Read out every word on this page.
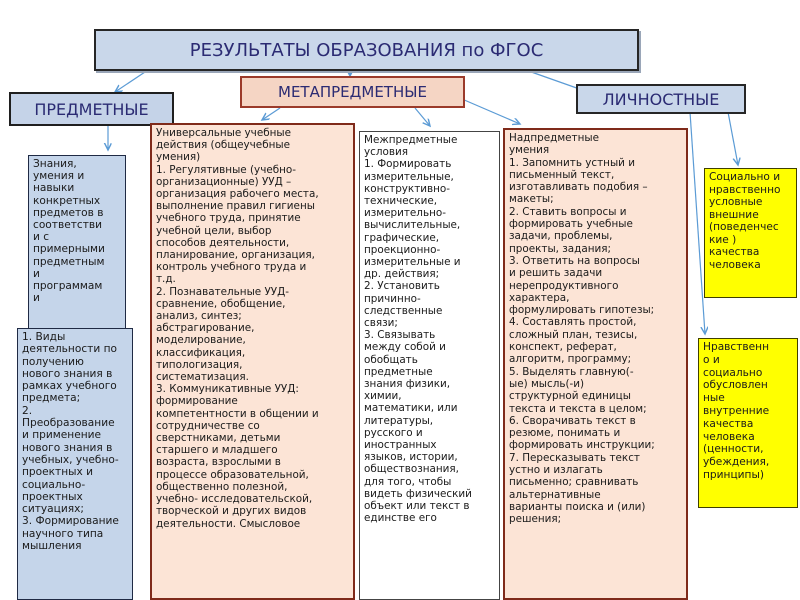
РЕЗУЛЬТАТЫ ОБРАЗОВАНИЯ по ФГОС
ПРЕДМЕТНЫЕ
МЕТАПРЕДМЕТНЫЕ	ЛИЧНОСТНЫЕ
Знания,
умения и
навыки
конкретных
предметов в
соответстви
и с
примерными
предметным
и
программам
и
1. Виды
деятельности по
получению
нового знания в
рамках учебного
предмета;
2.
Преобразование
и применение
нового знания в
учебных, учебно-
проектных и
социально-
проектных
ситуациях;
3. Формирование
научного типа
мышления
Универсальные учебные
действия (общеучебные
умения)
1. Регулятивные (учебно-
организационные) УУД –
организация рабочего места,
выполнение правил гигиены
учебного труда, принятие
учебной цели, выбор
способов деятельности,
планирование, организация,
контроль учебного труда и
т.д.
2. Познавательные УУД-
сравнение, обобщение,
анализ, синтез;
абстрагирование,
моделирование,
классификация,
типологизация,
систематизация.
3. Коммуникативные УУД:
формирование
компетентности в общении и
сотрудничестве со
сверстниками, детьми
старшего и младшего
возраста, взрослыми в
процессе образовательной,
общественно полезной,
учебно- исследовательской,
творческой и других видов
деятельности. Смысловое
Межпредметные
условия
1. Формировать
измерительные,
конструктивно-
технические,
измерительно-
вычислительные,
графические,
проекционно-
измерительные и
др. действия;
2. Установить
причинно-
следственные
связи;
3. Связывать
между собой и
обобщать
предметные
знания физики,
химии,
математики, или
литературы,
русского и
иностранных
языков, истории,
обществознания,
для того, чтобы
видеть физический
объект или текст в
единстве его
Надпредметные
умения
1. Запомнить устный и
письменный текст,
изготавливать подобия –
макеты;
2. Ставить вопросы и
формировать учебные
задачи, проблемы,
проекты, задания;
3. Ответить на вопросы
и решить задачи
нерепродуктивного
характера,
формулировать гипотезы;
4. Составлять простой,
сложный план, тезисы,
конспект, реферат,
алгоритм, программу;
5. Выделять главную(-
ые) мысль(-и)
структурной единицы
текста и текста в целом;
6. Сворачивать текст в
резюме, понимать и
формировать инструкции;
7. Пересказывать текст
устно и излагать
письменно; сравнивать
альтернативные
варианты поиска и (или)
решения;
Социально и
нравственно
условные
внешние
(поведенчес
кие )
качества
человека
Нравственн
о и
социально
обусловлен
ные
внутренние
качества
человека
(ценности,
убеждения,
принципы)
